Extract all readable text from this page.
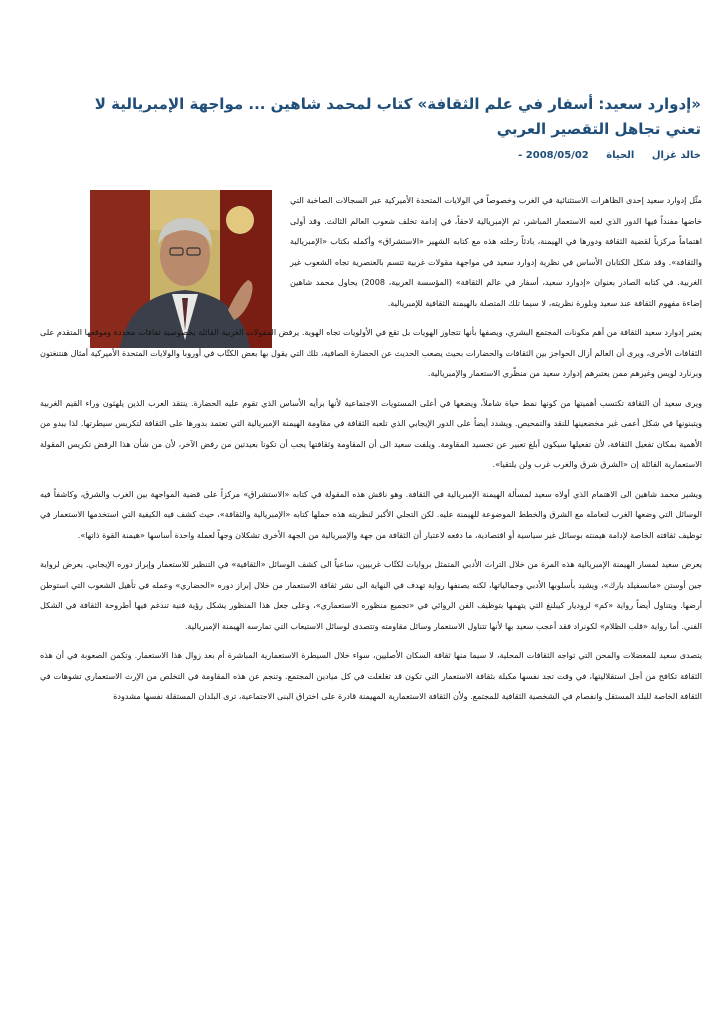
«إدوارد سعيد: أسفار في علم الثقافة» كتاب لمحمد شاهين ... مواجهة الإمبريالية لا تعني تجاهل التقصير العربي
خالد غزال الحياة - 2008/05/02

مثّل إدوارد سعيد إحدى الظاهرات الاستثنائية في الغرب وخصوصاً في الولايات المتحدة الأميركية عبر السجالات الصاخبة التي خاضها مفنداً فيها الدور الذي لعبه الاستعمار المباشر، ثم الإمبريالية لاحقاً، في إدامة تخلف شعوب العالم الثالث. وقد أولى اهتماماً مركزياً لقضية الثقافة ودورها في الهيمنة، بادئاً رحلته هذه مع كتابه الشهير «الاستشراق» وأكمله بكتاب «الإمبريالية والثقافة». وقد شكل الكتابان الأساس في نظرية إدوارد سعيد في مواجهة مقولات غربية تتسم بالعنصرية تجاه الشعوب غير الغربية. في كتابه الصادر بعنوان «إدوارد سعيد، أسفار في عالم الثقافة» (المؤسسة العربية، 2008) يحاول محمد شاهين إضاءة مفهوم الثقافة عند سعيد وبلورة نظريته، لا سيما تلك المتصلة بالهيمنة الثقافية للإمبريالية.

يعتبر إدوارد سعيد الثقافة من أهم مكونات المجتمع البشري، ويصفها بأنها تتجاوز الهويات بل تقع في الأولويات تجاه الهوية. يرفض المقولات الغربية القائلة بخصوصية ثقافات محددة وموقعها المتقدم على الثقافات الأخرى، ويرى أن العالم أزال الحواجز بين الثقافات والحضارات بحيث يصعب الحديث عن الحضارة الصافية، تلك التي يقول بها بعض الكتّاب في أوروبا والولايات المتحدة الأميركية أمثال هنتنغتون وبرنارد لويس وغيرهم ممن يعتبرهم إدوارد سعيد من منظّري الاستعمار والإمبريالية.

ويرى سعيد أن الثقافة تكتسب أهميتها من كونها نمط حياة شاملاً، ويضعها في أعلى المستويات الاجتماعية لأنها برأيه الأساس الذي تقوم عليه الحضارة. ينتقد العرب الذين يلهثون وراء القيم الغربية ويتبنونها في شكل أعمى غير مخضعينها للنقد والتمحيص. ويشدد أيضاً على الدور الإيجابي الذي تلعبه الثقافة في مقاومة الهيمنة الإمبريالية التي تعتمد بدورها على الثقافة لتكريس سيطرتها. لذا يبدو من الأهمية بمكان تفعيل الثقافة، لأن تفعيلها سيكون أبلغ تعبير عن تجسيد المقاومة. ويلفت سعيد الى أن المقاومة وثقافتها يجب أن تكونا بعيدتين من رفض الآخر، لأن من شأن هذا الرفض تكريس المقولة الاستعمارية القائلة إن «الشرق شرق والغرب غرب ولن يلتقيا».

ويشير محمد شاهين الى الاهتمام الذي أولاه سعيد لمسألة الهيمنة الإمبريالية في الثقافة. وهو ناقش هذه المقولة في كتابه «الاستشراق» مركزاً على قضية المواجهة بين الغرب والشرق، وكاشفاً فيه الوسائل التي وضعها الغرب لتعامله مع الشرق والخطط الموضوعة للهيمنة عليه. لكن التجلي الأكبر لنظريته هذه حملها كتابه «الإمبريالية والثقافة»، حيث كشف فيه الكيفية التي استخدمها الاستعمار في توظيف ثقافته الخاصة لإدامة هيمنته بوسائل غير سياسية أو اقتصادية، ما دفعه لاعتبار أن الثقافة من جهة والإمبريالية من الجهة الأخرى تشكلان وجهاً لعملة واحدة أساسها «هيمنة القوة ذاتها».

يعرض سعيد لمسار الهيمنة الإمبريالية هذه المرة من خلال التراث الأدبي المتمثل بروايات لكتّاب غربيين، ساعياً الى كشف الوسائل «الثقافية» في التنظير للاستعمار وإبراز دوره الإيجابي. يعرض لرواية جين أوستن «مانسفيلد بارك»، ويشيد بأسلوبها الأدبي وجمالياتها، لكنه يصنفها رواية تهدف في النهاية الى نشر ثقافة الاستعمار من خلال إبراز دوره «الحضاري» وعمله في تأهيل الشعوب التي استوطن أرضها. ويتناول أيضاً رواية «كم» لروديار كيبلنغ التي يتهمها بتوظيف الفن الروائي في «تجميع منظوره الاستعماري»، وعلى جعل هذا المنظور يشكل رؤية فنية تندغم فيها أطروحة الثقافة في الشكل الفني. أما رواية «قلب الظلام» لكونراد فقد أعجب سعيد بها لأنها تتناول الاستعمار وسائل مقاومته وتتصدى لوسائل الاستيعاب التي تمارسه الهيمنة الإمبريالية.

يتصدى سعيد للمعضلات والمحن التي تواجه الثقافات المحلية، لا سيما منها ثقافة السكان الأصليين، سواء خلال السيطرة الاستعمارية المباشرة أم بعد زوال هذا الاستعمار. وتكمن الصعوبة في أن هذه الثقافة تكافح من أجل استقلاليتها، في وقت تجد نفسها مكبلة بثقافة الاستعمار التي تكون قد تغلغلت في كل ميادين المجتمع. وتنجم عن هذه المقاومة في التخلص من الإرث الاستعماري تشوهات في الثقافة الخاصة للبلد المستقل وانفصام في الشخصية الثقافية للمجتمع. ولأن الثقافة الاستعمارية المهيمنة قادرة على اختراق البنى الاجتماعية، ترى البلدان المستقلة نفسها مشدودة
